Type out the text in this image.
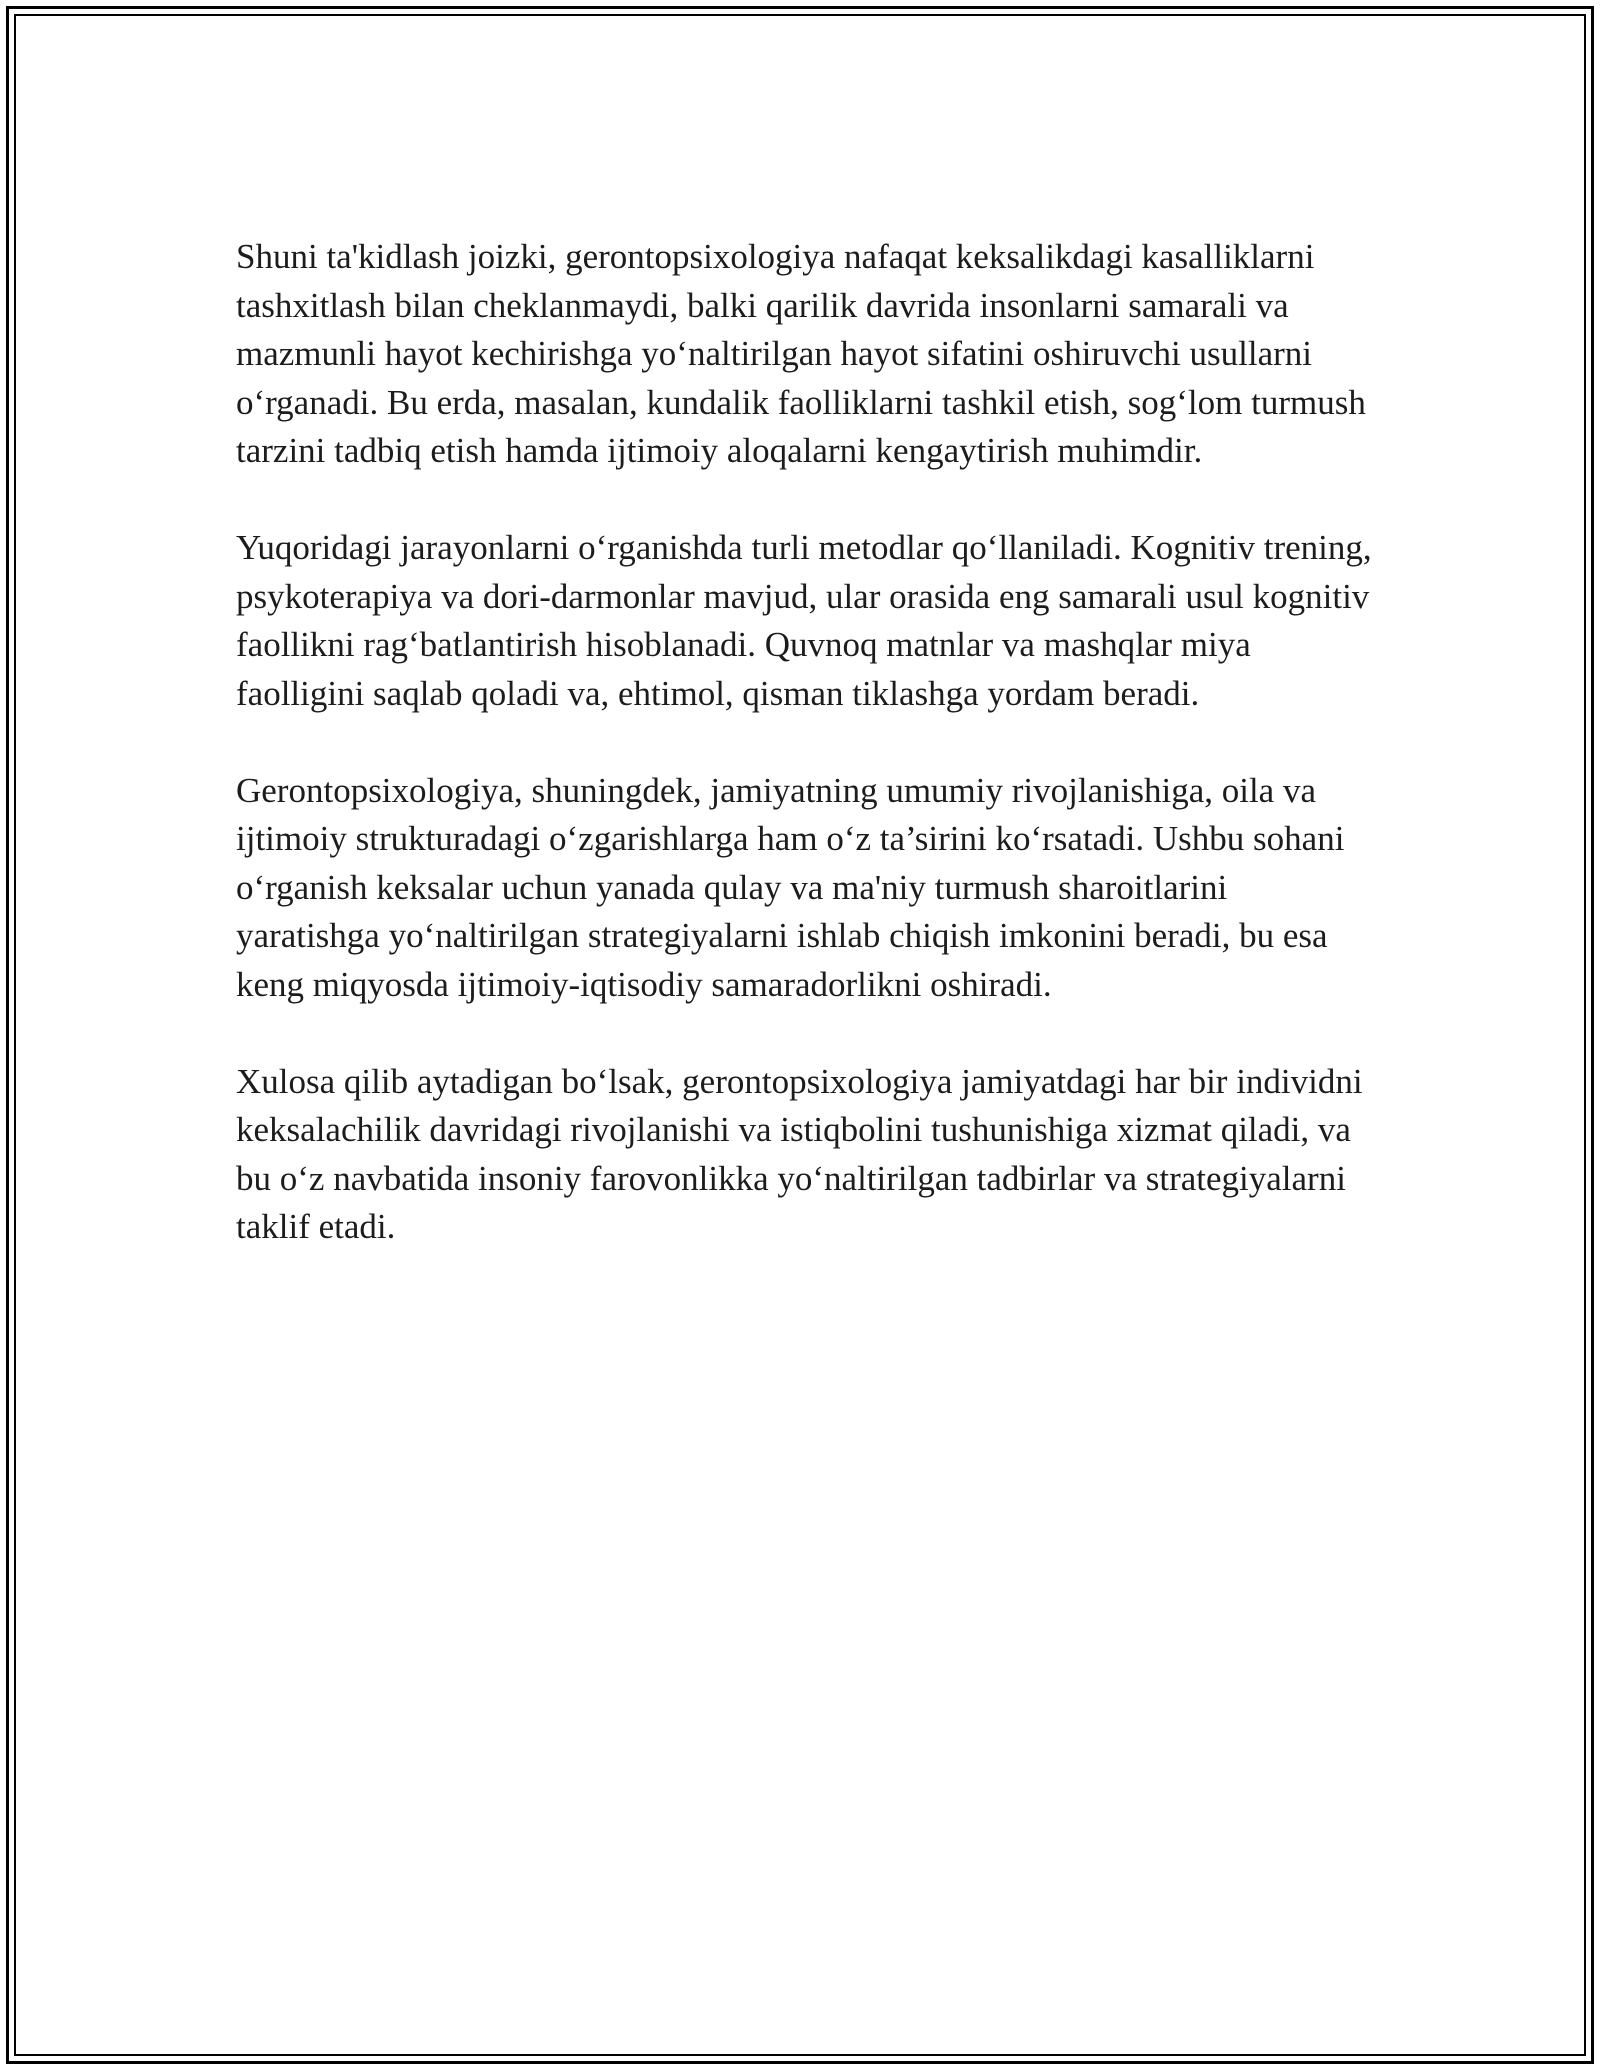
Shuni ta'kidlash joizki, gerontopsixologiya nafaqat keksalikdagi kasalliklarni tashxitlash bilan cheklanmaydi, balki qarilik davrida insonlarni samarali va mazmunli hayot kechirishga yo‘naltirilgan hayot sifatini oshiruvchi usullarni o‘rganadi. Bu erda, masalan, kundalik faolliklarni tashkil etish, sog‘lom turmush tarzini tadbiq etish hamda ijtimoiy aloqalarni kengaytirish muhimdir.

Yuqoridagi jarayonlarni o‘rganishda turli metodlar qo‘llaniladi. Kognitiv trening, psykoterapiya va dori-darmonlar mavjud, ular orasida eng samarali usul kognitiv faollikni rag‘batlantirish hisoblanadi. Quvnoq matnlar va mashqlar miya faolligini saqlab qoladi va, ehtimol, qisman tiklashga yordam beradi.

Gerontopsixologiya, shuningdek, jamiyatning umumiy rivojlanishiga, oila va ijtimoiy strukturadagi o‘zgarishlarga ham o‘z ta’sirini ko‘rsatadi. Ushbu sohani o‘rganish keksalar uchun yanada qulay va ma'niy turmush sharoitlarini yaratishga yo‘naltirilgan strategiyalarni ishlab chiqish imkonini beradi, bu esa keng miqyosda ijtimoiy-iqtisodiy samaradorlikni oshiradi.

Xulosa qilib aytadigan bo‘lsak, gerontopsixologiya jamiyatdagi har bir individni keksalachilik davridagi rivojlanishi va istiqbolini tushunishiga xizmat qiladi, va bu o‘z navbatida insoniy farovonlikka yo‘naltirilgan tadbirlar va strategiyalarni taklif etadi.
